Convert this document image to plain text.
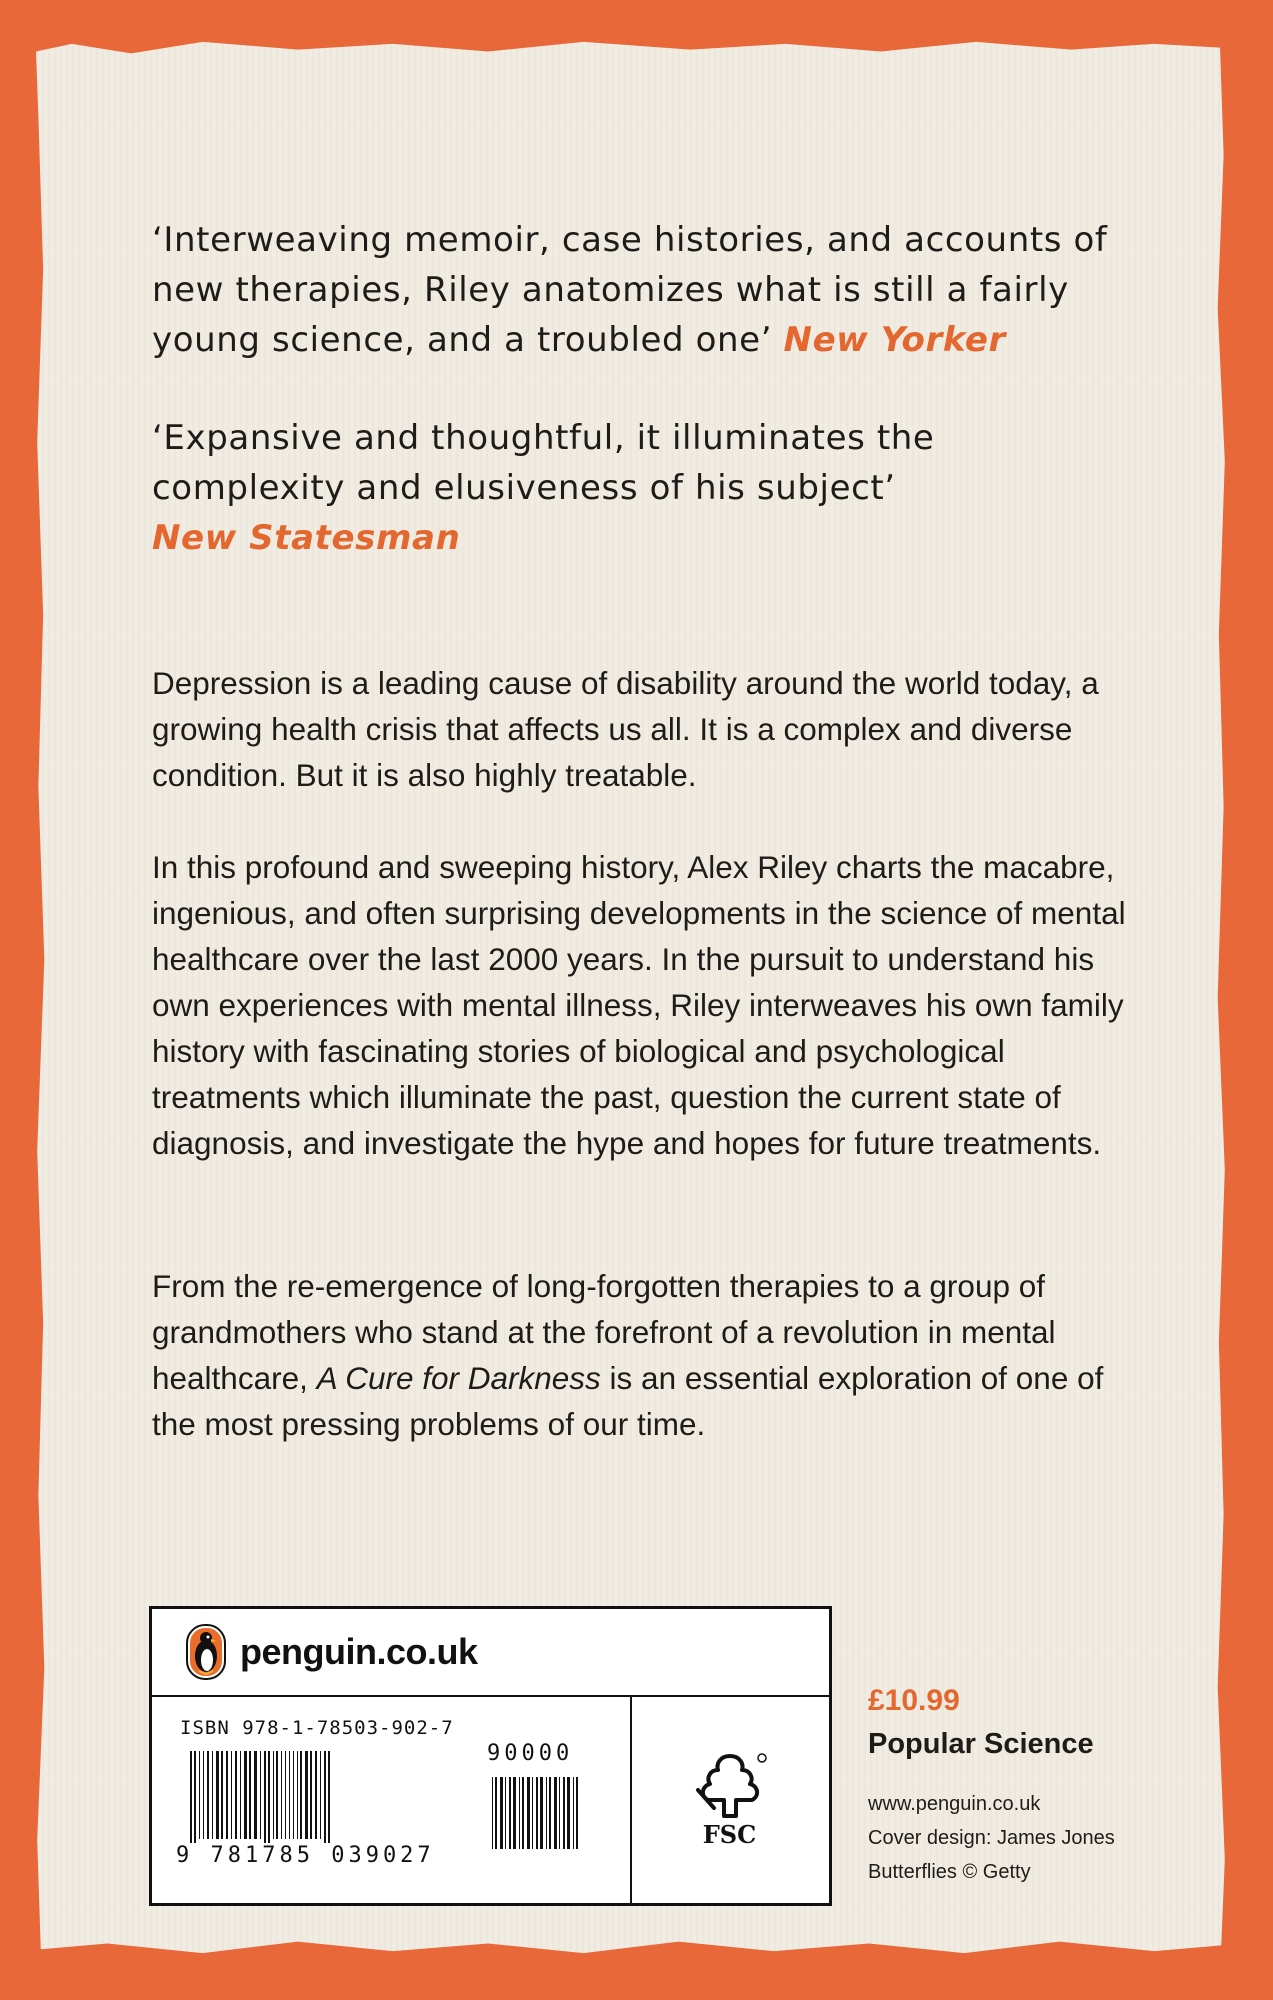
‘Interweaving memoir, case histories, and accounts of new therapies, Riley anatomizes what is still a fairly young science, and a troubled one’ New Yorker
‘Expansive and thoughtful, it illuminates the complexity and elusiveness of his subject’
New Statesman

Depression is a leading cause of disability around the world today, a growing health crisis that affects us all. It is a complex and diverse condition. But it is also highly treatable.

In this profound and sweeping history, Alex Riley charts the macabre, ingenious, and often surprising developments in the science of mental healthcare over the last 2000 years. In the pursuit to understand his own experiences with mental illness, Riley interweaves his own family history with fascinating stories of biological and psychological treatments which illuminate the past, question the current state of diagnosis, and investigate the hype and hopes for future treatments.

From the re-emergence of long-forgotten therapies to a group of grandmothers who stand at the forefront of a revolution in mental healthcare, A Cure for Darkness is an essential exploration of one of the most pressing problems of our time.

penguin.co.uk
ISBN 978-1-78503-902-7
90000
9 781785 039027
FSC
£10.99
Popular Science
www.penguin.co.uk
Cover design: James Jones
Butterflies © Getty
